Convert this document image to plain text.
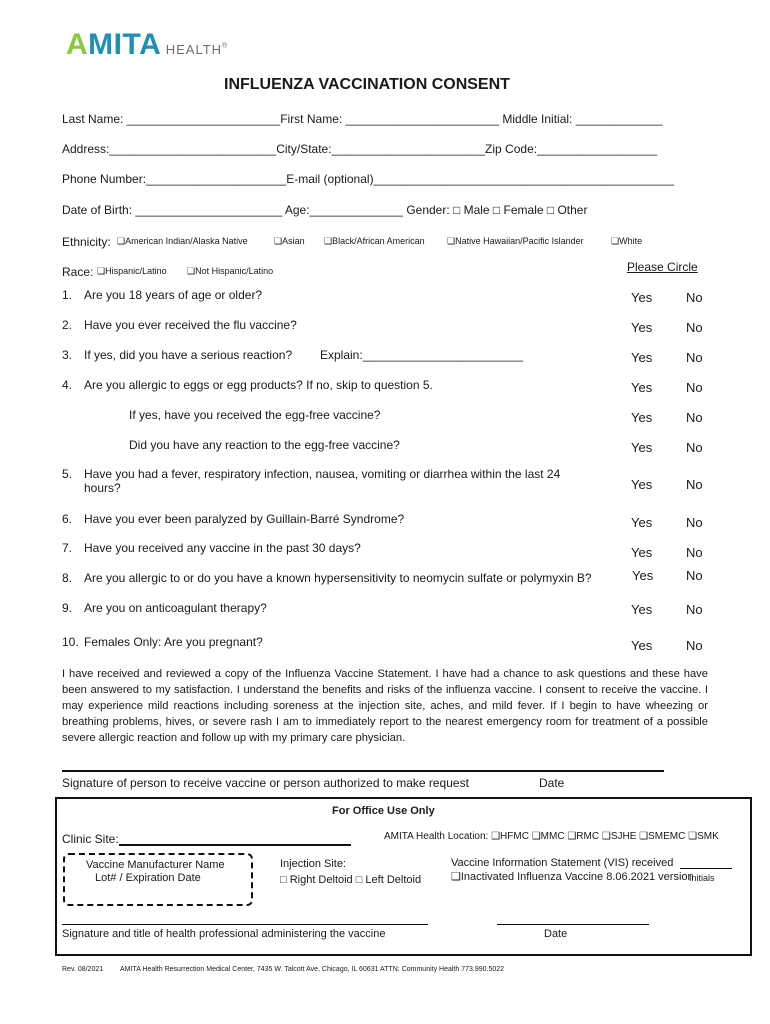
AMITA HEALTH®
INFLUENZA VACCINATION CONSENT
Last Name: _______________________First Name: _______________________ Middle Initial: _____________
Address:_________________________City/State:_______________________Zip Code:__________________
Phone Number:_____________________E-mail (optional)_____________________________________________
Date of Birth: ______________________ Age:______________ Gender: □ Male □ Female □ Other
Ethnicity: ❑American Indian/Alaska Native	❑Asian ❑Black/African American ❑Native Hawaiian/Pacific Islander	❑White
Race: ❑Hispanic/Latino ❑Not Hispanic/Latino	Please Circle
1. Are you 18 years of age or older?	Yes	No
2. Have you ever received the flu vaccine?	Yes	No
3. If yes, did you have a serious reaction? Explain:________________________	Yes	No
4. Are you allergic to eggs or egg products? If no, skip to question 5.	Yes	No
If yes, have you received the egg-free vaccine?	Yes	No
Did you have any reaction to the egg-free vaccine?	Yes	No
5. Have you had a fever, respiratory infection, nausea, vomiting or diarrhea within the last 24
hours?	Yes	No
6. Have you ever been paralyzed by Guillain-Barré Syndrome?	Yes	No
7. Have you received any vaccine in the past 30 days?	Yes	No
8. Are you allergic to or do you have a known hypersensitivity to neomycin sulfate or polymyxin B?	Yes	No
9. Are you on anticoagulant therapy?	Yes	No
10. Females Only: Are you pregnant?	Yes	No
I have received and reviewed a copy of the Influenza Vaccine Statement. I have had a chance to ask questions and these have been answered to my satisfaction. I understand the benefits and risks of the influenza vaccine. I consent to receive the vaccine. I may experience mild reactions including soreness at the injection site, aches, and mild fever. If I begin to have wheezing or breathing problems, hives, or severe rash I am to immediately report to the nearest emergency room for treatment of a possible severe allergic reaction and follow up with my primary care physician.
Signature of person to receive vaccine or person authorized to make request	Date
For Office Use Only
Clinic Site:	AMITA Health Location: ❑HFMC ❑MMC ❑RMC ❑SJHE ❑SMEMC ❑SMK
Vaccine Manufacturer Name
Lot# / Expiration Date
Injection Site:
□ Right Deltoid □ Left Deltoid
Vaccine Information Statement (VIS) received
❑Inactivated Influenza Vaccine 8.06.2021 version
Initials
Signature and title of health professional administering the vaccine	Date
Rev. 08/2021 AMITA Health Resurrection Medical Center, 7435 W. Talcott Ave, Chicago, IL 60631 ATTN: Community Health 773.990.5022
